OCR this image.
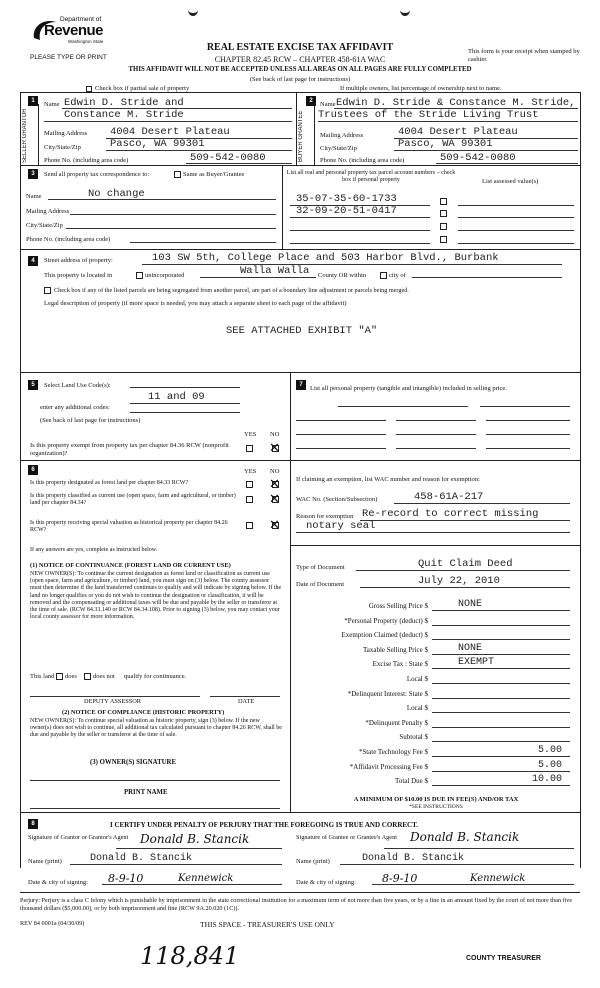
Department of
Revenue
Washington State
PLEASE TYPE OR PRINT
REAL ESTATE EXCISE TAX AFFIDAVIT
CHAPTER 82.45 RCW – CHAPTER 458-61A WAC
This form is your receipt when stamped by cashier.
THIS AFFIDAVIT WILL NOT BE ACCEPTED UNLESS ALL AREAS ON ALL PAGES ARE FULLY COMPLETED
(See back of last page for instructions)
Check box if partial sale of property	If multiple owners, list percentage of ownership next to name.
1
SELLER GRANTOR
Name Edwin D. Stride and
Constance M. Stride
Mailing Address 4004 Desert Plateau
City/State/Zip	Pasco, WA 99301
Phone No. (including area code)	509-542-0080
2
BUYER GRANTEE
Name Edwin D. Stride & Constance M. Stride,
Trustees of the Stride Living Trust
Mailing Address	4004 Desert Plateau
City/State/Zip	Pasco, WA 99301
Phone No. (including area code)	509-542-0080
3	Send all property tax correspondence to:	Same as Buyer/Grantee
Name	No change
Mailing Address
City/State/Zip
Phone No. (including area code)
List all real and personal property tax parcel account numbers – check box if personal property	List assessed value(s)
35-07-35-60-1733
32-09-20-51-0417
4	Street address of property:	103 SW 5th, College Place and 503 Harbor Blvd., Burbank
This property is located in	unincorporated	Walla Walla County OR within	city of
Check box if any of the listed parcels are being segregated from another parcel, are part of a boundary line adjustment or parcels being merged.
Legal description of property (if more space is needed, you may attach a separate sheet to each page of the affidavit)
SEE ATTACHED EXHIBIT "A"
5	Select Land Use Code(s):
11 and 09
enter any additional codes:
(See back of last page for instructions)
YES NO
Is this property exempt from property tax per chapter 84.36 RCW (nonprofit organization)?	✕
6	YES NO
Is this property designated as forest land per chapter 84.33 RCW?	✕
Is this property classified as current use (open space, farm and agricultural, or timber) land per chapter 84.34?	✕
Is this property receiving special valuation as historical property per chapter 84.26 RCW?	✕
If any answers are yes, complete as instructed below.
(1) NOTICE OF CONTINUANCE (FOREST LAND OR CURRENT USE)
NEW OWNER(S): To continue the current designation as forest land or classification as current use (open space, farm and agriculture, or timber) land, you must sign on (3) below. The county assessor must then determine if the land transferred continues to qualify and will indicate by signing below. If the land no longer qualifies or you do not wish to continue the designation or classification, it will be removed and the compensating or additional taxes will be due and payable by the seller or transferor at the time of sale. (RCW 84.33.140 or RCW 84.34.108). Prior to signing (3) below, you may contact your local county assessor for more information.
This land does does not qualify for continuance.
DEPUTY ASSESSOR	DATE
(2) NOTICE OF COMPLIANCE (HISTORIC PROPERTY)
NEW OWNER(S): To continue special valuation as historic property, sign (3) below. If the new owner(s) does not wish to continue, all additional tax calculated pursuant to chapter 84.26 RCW, shall be due and payable by the seller or transferor at the time of sale.
(3) OWNER(S) SIGNATURE
PRINT NAME
7	List all personal property (tangible and intangible) included in selling price.
If claiming an exemption, list WAC number and reason for exemption:
WAC No. (Section/Subsection)	458-61A-217
Reason for exemption Re-record to correct missing
notary seal
Type of Document	Quit Claim Deed
Date of Document	July 22, 2010
Gross Selling Price $	NONE
*Personal Property (deduct) $
Exemption Claimed (deduct) $
Taxable Selling Price $	NONE
Excise Tax : State $	EXEMPT
Local $
*Delinquent Interest: State $
Local $
*Delinquent Penalty $
Subtotal $
*State Technology Fee $	5.00
*Affidavit Processing Fee $	5.00
Total Due $	10.00
A MINIMUM OF $10.00 IS DUE IN FEE(S) AND/OR TAX
*SEE INSTRUCTIONS
8	I CERTIFY UNDER PENALTY OF PERJURY THAT THE FOREGOING IS TRUE AND CORRECT.
Signature of Grantor or Grantor's Agent Donald B. Stancik	Signature of Grantee or Grantee's Agent	Donald B. Stancik
Name (print)	Donald B. Stancik	Name (print)	Donald B. Stancik
Date & city of signing: 8-9-10	Kennewick	Date & city of signing: 8-9-10	Kennewick
Perjury: Perjury is a class C felony which is punishable by imprisonment in the state correctional institution for a maximum term of not more than five years, or by a fine in an amount fixed by the court of not more than five thousand dollars ($5,000.00), or by both imprisonment and fine (RCW 9A.20.020 (1C)).
REV 84 0001a (04/30/09)	THIS SPACE - TREASURER'S USE ONLY
118,841	COUNTY TREASURER
